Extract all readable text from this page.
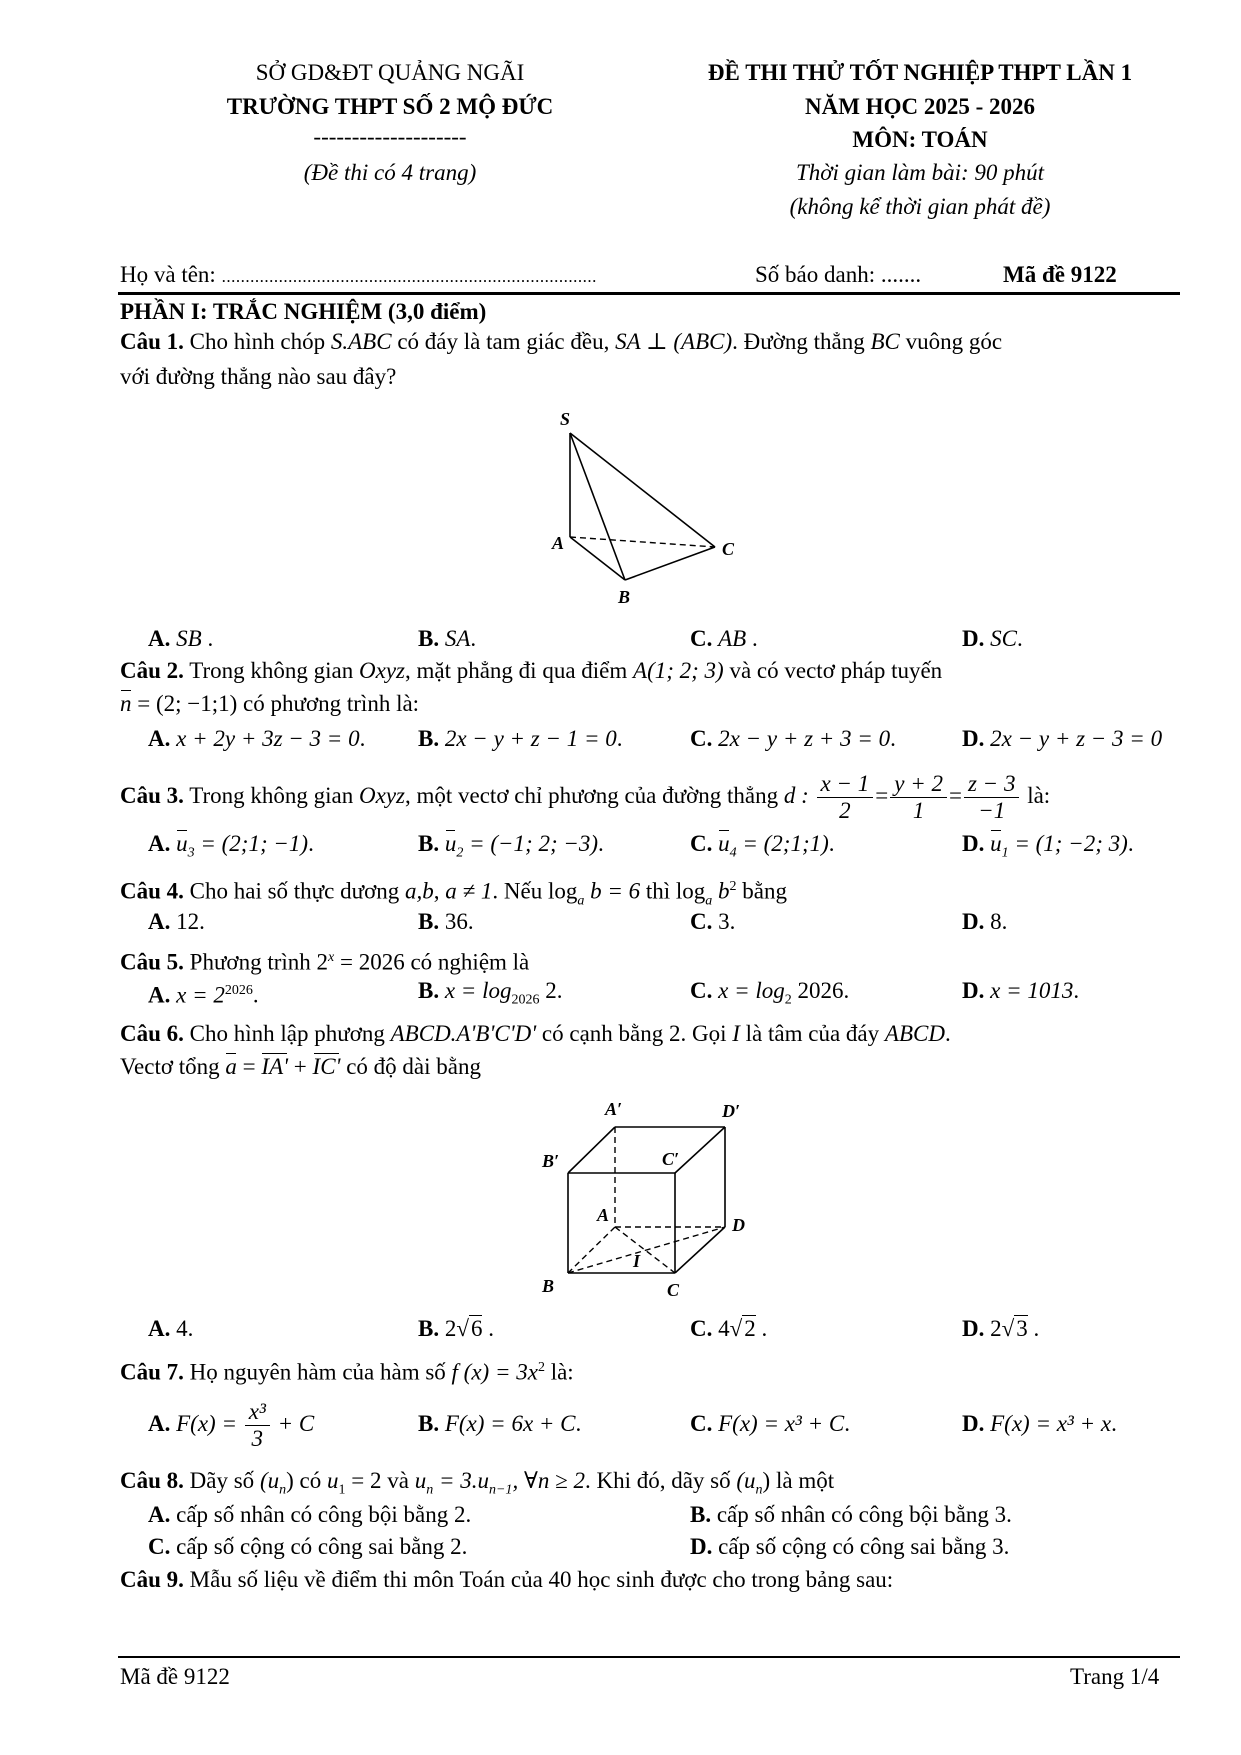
SỞ GD&ĐT QUẢNG NGÃI
TRƯỜNG THPT SỐ 2 MỘ ĐỨC
--------------------
(Đề thi có 4 trang)
ĐỀ THI THỬ TỐT NGHIỆP THPT LẦN 1
NĂM HỌC 2025 - 2026
MÔN: TOÁN
Thời gian làm bài: 90 phút
(không kể thời gian phát đề)
Họ và tên: ...............................................................................	Số báo danh: .......	Mã đề 9122
PHẦN I: TRẮC NGHIỆM (3,0 điểm)
Câu 1. Cho hình chóp S.ABC có đáy là tam giác đều, SA ⊥ (ABC). Đường thẳng BC vuông góc
với đường thẳng nào sau đây?
S
A
B
C
A. SB .	B. SA.	C. AB .	D. SC.
Câu 2. Trong không gian Oxyz, mặt phẳng đi qua điểm A(1; 2; 3) và có vectơ pháp tuyến
n = (2; −1;1) có phương trình là:
A. x + 2y + 3z − 3 = 0. B. 2x − y + z − 1 = 0.	C. 2x − y + z + 3 = 0.	D. 2x − y + z − 3 = 0
Câu 3. Trong không gian Oxyz, một vectơ chỉ phương của đường thẳng d : $\frac{x - 1}{2} = \frac{y + 2}{1} = \frac{z - 3}{-1}$ là:
A. $u_3$ = (2;1; −1).	B. $u_2 = (-1$; 2; −3).	C. $u_4$ = (2;1;1).	D. $u_1 = (1$; −2; 3).
Câu 4. Cho hai số thực dương a,b, a ≠ 1. Nếu $\log_a b = 6$ thì $\log_a b^2$ bằng
A. 12.	B. 36.	C. 3.	D. 8.
Câu 5. Phương trình $2^x = 2026$ có nghiệm là
A. $x = 2^{2026}$.	B. $x = \log_{2026} 2$.	C. $x = \log_2 2026$.	D. x = 1013.
Câu 6. Cho hình lập phương ABCD.A'B'C'D' có cạnh bằng 2. Gọi I là tâm của đáy ABCD.
Vectơ tổng a = IA' + IC' có độ dài bằng
A′	D′
B′	C′
A	D
B	C
I
A. 4.	B. 2√6 .	C. 4√2 .	D. 2√3 .
Câu 7. Họ nguyên hàm của hàm số f $(x) = 3x^2$ là:
A. $F(x) = \frac{\text{x³}}{3} + C$	B. F(x) = 6x + C.	C. F(x) = x³ + C.	D. F(x) = x³ + x.
Câu 8. Dãy số $(u_n)$ có $u_1 = 2$ và $u_n = 3.u_{n-1}$, ∀n ≥ 2. Khi đó, dãy số $(u_n)$ là một
A. cấp số nhân có công bội bằng 2.	B. cấp số nhân có công bội bằng 3.
C. cấp số cộng có công sai bằng 2.	D. cấp số cộng có công sai bằng 3.
Câu 9. Mẫu số liệu về điểm thi môn Toán của 40 học sinh được cho trong bảng sau:
Mã đề 9122	Trang 1/4
